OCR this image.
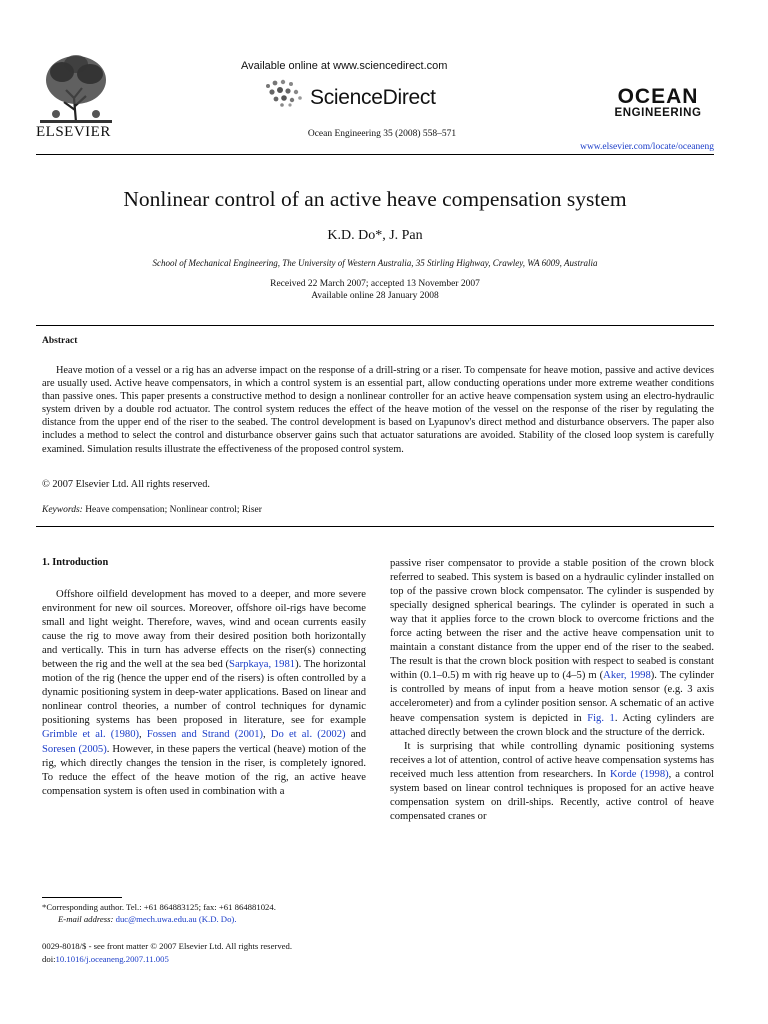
ELSEVIER
Available online at www.sciencedirect.com
ScienceDirect
Ocean Engineering 35 (2008) 558–571
OCEAN
ENGINEERING
www.elsevier.com/locate/oceaneng
Nonlinear control of an active heave compensation system
K.D. Do*, J. Pan
School of Mechanical Engineering, The University of Western Australia, 35 Stirling Highway, Crawley, WA 6009, Australia
Received 22 March 2007; accepted 13 November 2007
Available online 28 January 2008
Abstract
Heave motion of a vessel or a rig has an adverse impact on the response of a drill-string or a riser. To compensate for heave motion, passive and active devices are usually used. Active heave compensators, in which a control system is an essential part, allow conducting operations under more extreme weather conditions than passive ones. This paper presents a constructive method to design a nonlinear controller for an active heave compensation system using an electro-hydraulic system driven by a double rod actuator. The control system reduces the effect of the heave motion of the vessel on the response of the riser by regulating the distance from the upper end of the riser to the seabed. The control development is based on Lyapunov's direct method and disturbance observers. The paper also includes a method to select the control and disturbance observer gains such that actuator saturations are avoided. Stability of the closed loop system is carefully examined. Simulation results illustrate the effectiveness of the proposed control system.
© 2007 Elsevier Ltd. All rights reserved.
Keywords: Heave compensation; Nonlinear control; Riser
1. Introduction
Offshore oilfield development has moved to a deeper, and more severe environment for new oil sources. Moreover, offshore oil-rigs have become small and light weight. Therefore, waves, wind and ocean currents easily cause the rig to move away from their desired position both horizontally and vertically. This in turn has adverse effects on the riser(s) connecting between the rig and the well at the sea bed (Sarpkaya, 1981). The horizontal motion of the rig (hence the upper end of the risers) is often controlled by a dynamic positioning system in deep-water applications. Based on linear and nonlinear control theories, a number of control techniques for dynamic positioning systems has been proposed in literature, see for example Grimble et al. (1980), Fossen and Strand (2001), Do et al. (2002) and Soresen (2005). However, in these papers the vertical (heave) motion of the rig, which directly changes the tension in the riser, is completely ignored. To reduce the effect of the heave motion of the rig, an active heave compensation system is often used in combination with a

passive riser compensator to provide a stable position of the crown block referred to seabed. This system is based on a hydraulic cylinder installed on top of the passive crown block compensator. The cylinder is suspended by specially designed spherical bearings. The cylinder is operated in such a way that it applies force to the crown block to overcome frictions and the force acting between the riser and the active heave compensation unit to maintain a constant distance from the upper end of the riser to the seabed. The result is that the crown block position with respect to seabed is constant within (0.1–0.5) m with rig heave up to (4–5) m (Aker, 1998). The cylinder is controlled by means of input from a heave motion sensor (e.g. 3 axis accelerometer) and from a cylinder position sensor. A schematic of an active heave compensation system is depicted in Fig. 1. Acting cylinders are attached directly between the crown block and the structure of the derrick.

It is surprising that while controlling dynamic positioning systems receives a lot of attention, control of active heave compensation systems has received much less attention from researchers. In Korde (1998), a control system based on linear control techniques is proposed for an active heave compensation system on drill-ships. Recently, active control of heave compensated cranes or

*Corresponding author. Tel.: +61 864883125; fax: +61 864881024.
E-mail address: duc@mech.uwa.edu.au (K.D. Do).
0029-8018/$ - see front matter © 2007 Elsevier Ltd. All rights reserved.
doi:10.1016/j.oceaneng.2007.11.005
